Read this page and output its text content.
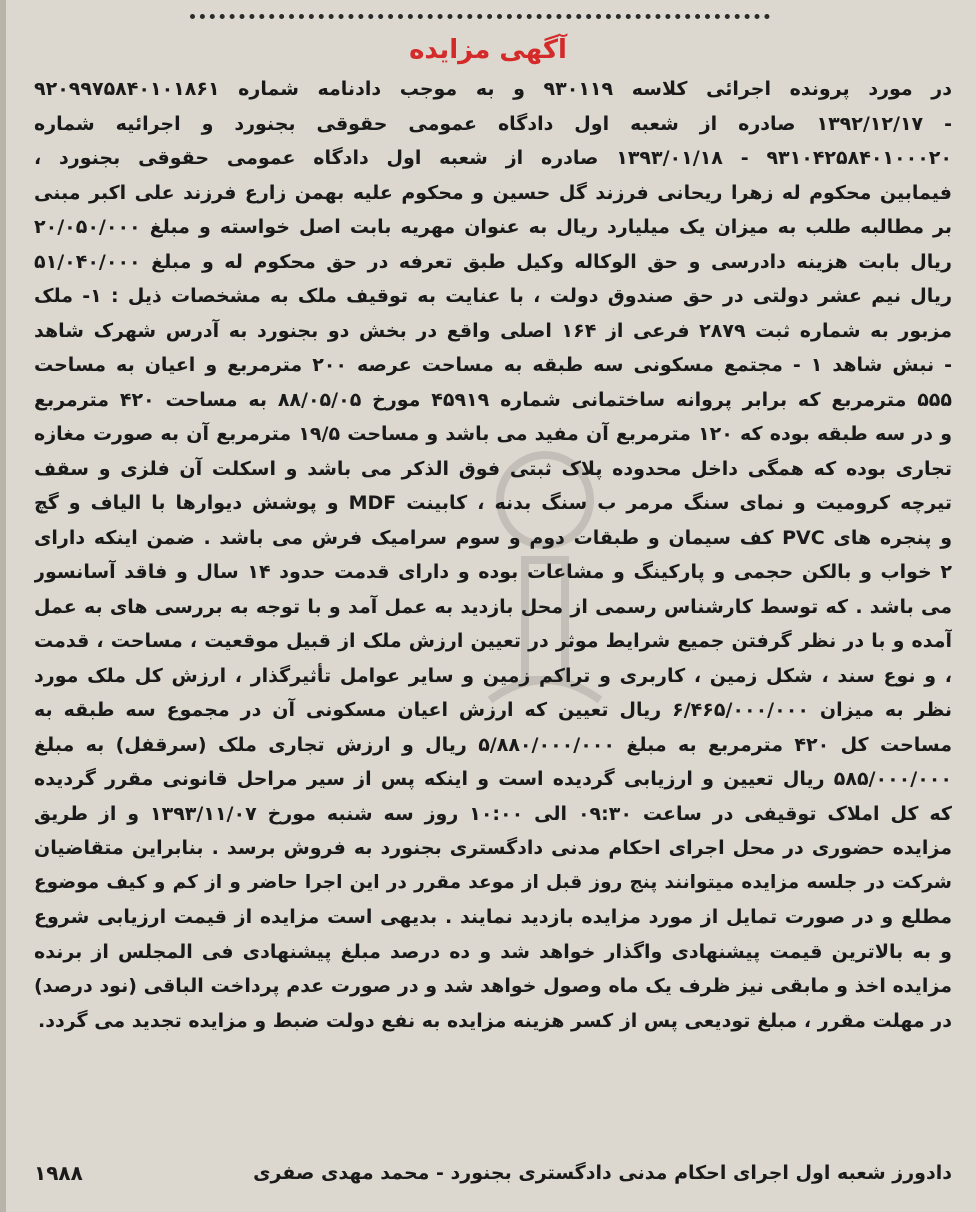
آگهی مزایده
در مورد پرونده اجرائی کلاسه ۹۳۰۱۱۹ و به موجب دادنامه شماره ۹۲۰۹۹۷۵۸۴۰۱۰۱۸۶۱
- ۱۳۹۲/۱۲/۱۷ صادره از شعبه اول دادگاه عمومی حقوقی بجنورد و اجرائیه شماره
۹۳۱۰۴۲۵۸۴۰۱۰۰۰۲۰ - ۱۳۹۳/۰۱/۱۸ صادره از شعبه اول دادگاه عمومی حقوقی بجنورد ،
فیمابین محکوم له زهرا ریحانی فرزند گل حسین و محکوم علیه بهمن زارع فرزند علی اکبر مبنی
بر مطالبه طلب به میزان یک میلیارد ریال به عنوان مهریه بابت اصل خواسته و مبلغ ۲۰/۰۵۰/۰۰۰
ریال بابت هزینه دادرسی و حق الوکاله وکیل طبق تعرفه در حق محکوم له و مبلغ ۵۱/۰۴۰/۰۰۰
ریال نیم عشر دولتی در حق صندوق دولت ، با عنایت به توقیف ملک به مشخصات ذیل : ۱- ملک
مزبور به شماره ثبت ۲۸۷۹ فرعی از ۱۶۴ اصلی واقع در بخش دو بجنورد به آدرس شهرک شاهد
- نبش شاهد ۱ - مجتمع مسکونی سه طبقه به مساحت عرصه ۲۰۰ مترمربع و اعیان به مساحت
۵۵۵ مترمربع که برابر پروانه ساختمانی شماره ۴۵۹۱۹ مورخ ۸۸/۰۵/۰۵ به مساحت ۴۲۰ مترمربع
و در سه طبقه بوده که ۱۲۰ مترمربع آن مفید می باشد و مساحت ۱۹/۵ مترمربع آن به صورت مغازه
تجاری بوده که همگی داخل محدوده پلاک ثبتی فوق الذکر می باشد و اسکلت آن فلزی و سقف
تیرچه کرومیت و نمای سنگ مرمر ب سنگ بدنه ، کابینت MDF و پوشش دیوارها با الیاف و گچ
و پنجره های PVC کف سیمان و طبقات دوم و سوم سرامیک فرش می باشد . ضمن اینکه دارای
۲ خواب و بالکن حجمی و پارکینگ و مشاعات بوده و دارای قدمت حدود ۱۴ سال و فاقد آسانسور
می باشد . که توسط کارشناس رسمی از محل بازدید به عمل آمد و با توجه به بررسی های به عمل
آمده و با در نظر گرفتن جمیع شرایط موثر در تعیین ارزش ملک از قبیل موقعیت ، مساحت ، قدمت
، و نوع سند ، شکل زمین ، کاربری و تراکم زمین و سایر عوامل تأثیرگذار ، ارزش کل ملک مورد
نظر به میزان ۶/۴۶۵/۰۰۰/۰۰۰ ریال تعیین که ارزش اعیان مسکونی آن در مجموع سه طبقه به
مساحت کل ۴۲۰ مترمربع به مبلغ ۵/۸۸۰/۰۰۰/۰۰۰ ریال و ارزش تجاری ملک (سرقفل) به مبلغ
۵۸۵/۰۰۰/۰۰۰ ریال تعیین و ارزیابی گردیده است و اینکه پس از سیر مراحل قانونی مقرر گردیده
که کل املاک توقیفی در ساعت ۰۹:۳۰ الی ۱۰:۰۰ روز سه شنبه مورخ ۱۳۹۳/۱۱/۰۷ و از طریق
مزایده حضوری در محل اجرای احکام مدنی دادگستری بجنورد به فروش برسد . بنابراین متقاضیان
شرکت در جلسه مزایده میتوانند پنج روز قبل از موعد مقرر در این اجرا حاضر و از کم و کیف موضوع
مطلع و در صورت تمایل از مورد مزایده بازدید نمایند . بدیهی است مزایده از قیمت ارزیابی شروع
و به بالاترین قیمت پیشنهادی واگذار خواهد شد و ده درصد مبلغ پیشنهادی فی المجلس از برنده
مزایده اخذ و مابقی نیز ظرف یک ماه وصول خواهد شد و در صورت عدم پرداخت الباقی (نود درصد)
در مهلت مقرر ، مبلغ تودیعی پس از کسر هزینه مزایده به نفع دولت ضبط و مزایده تجدید می گردد.
دادورز شعبه اول اجرای احکام مدنی دادگستری بجنورد - محمد مهدی صفری
۱۹۸۸
